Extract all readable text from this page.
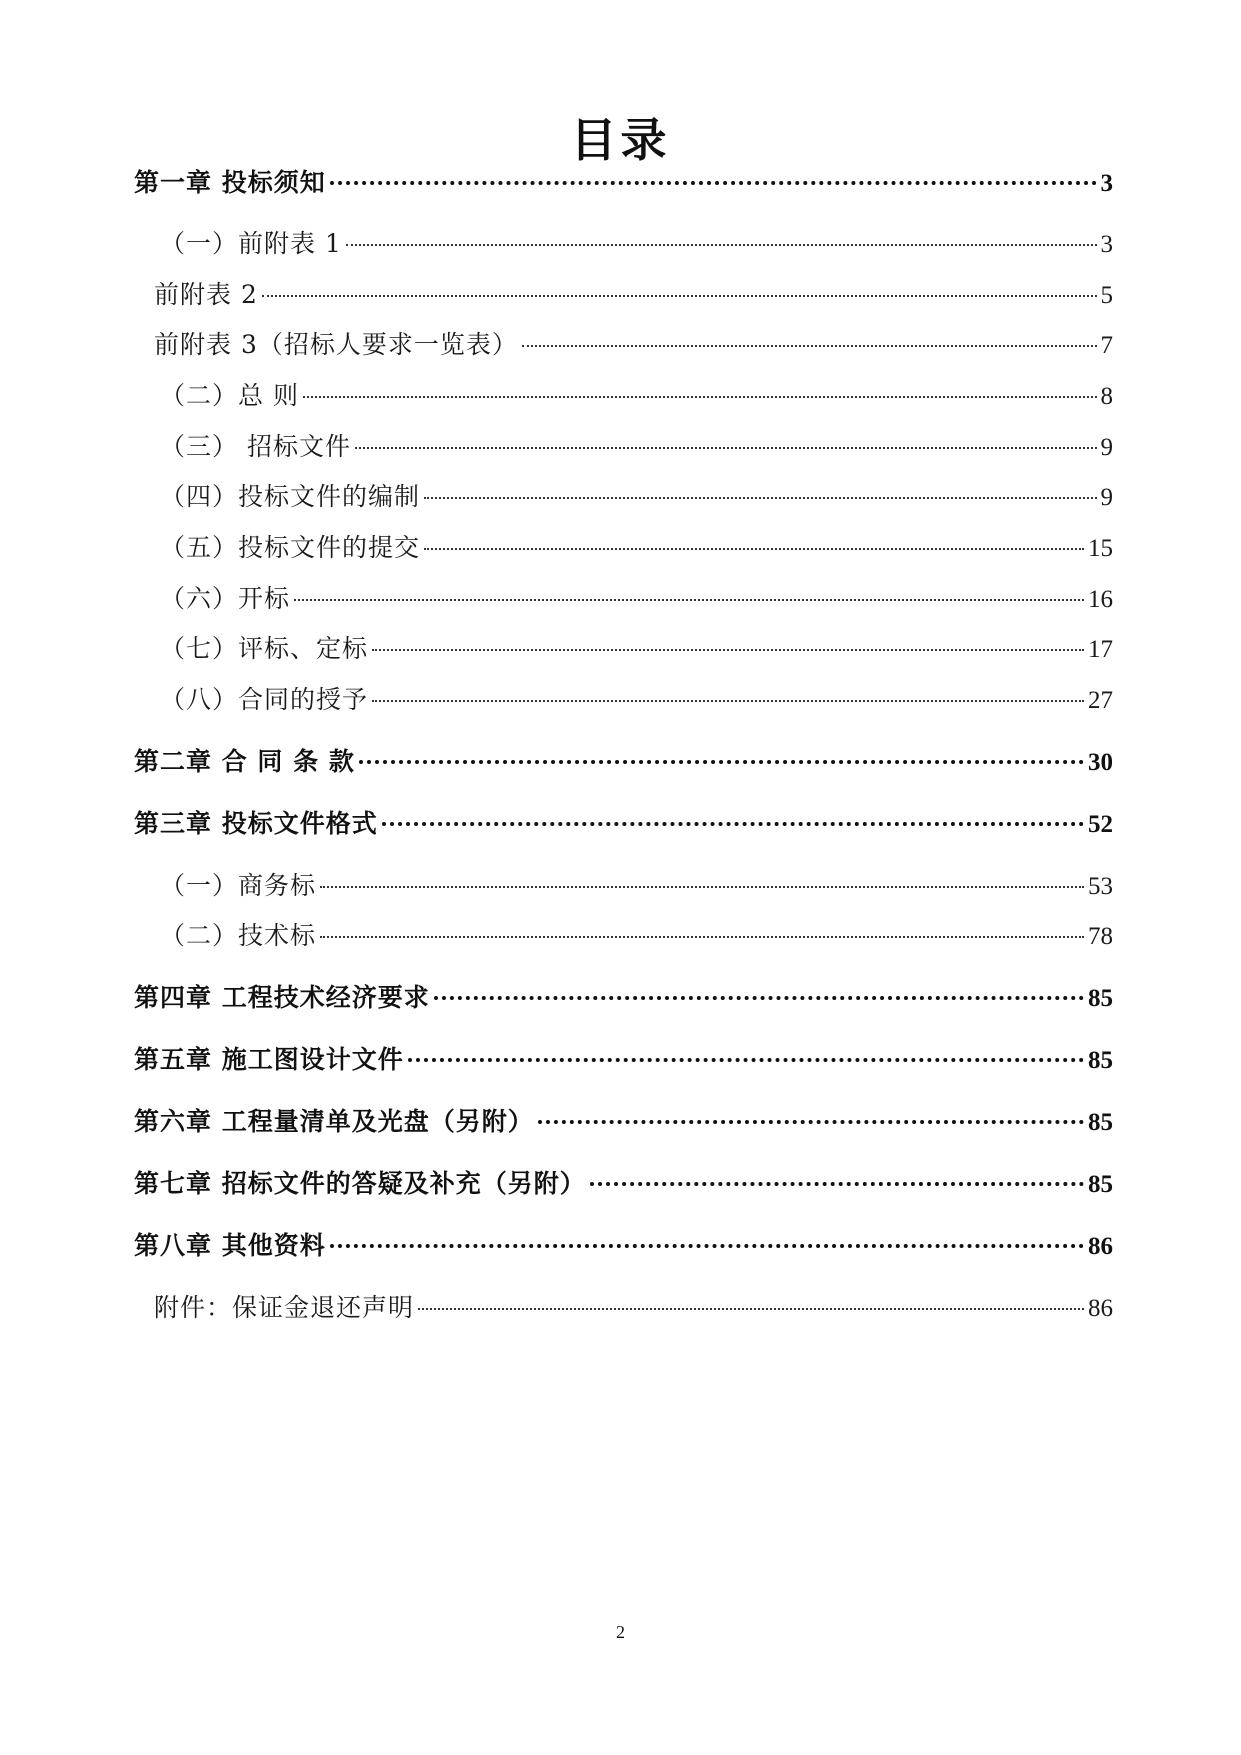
目录
第一章 投标须知	3
（一）前附表 1	3
前附表 2	5
前附表 3（招标人要求一览表）	7
（二）总 则	8
（三） 招标文件	9
（四）投标文件的编制	9
（五）投标文件的提交	15
（六）开标	16
（七）评标、定标	17
（八）合同的授予	27
第二章 合 同 条 款	30
第三章 投标文件格式	52
（一）商务标	53
（二）技术标	78
第四章 工程技术经济要求	85
第五章 施工图设计文件	85
第六章 工程量清单及光盘（另附）	85
第七章 招标文件的答疑及补充（另附）	85
第八章 其他资料	86
附件：保证金退还声明	86
2
